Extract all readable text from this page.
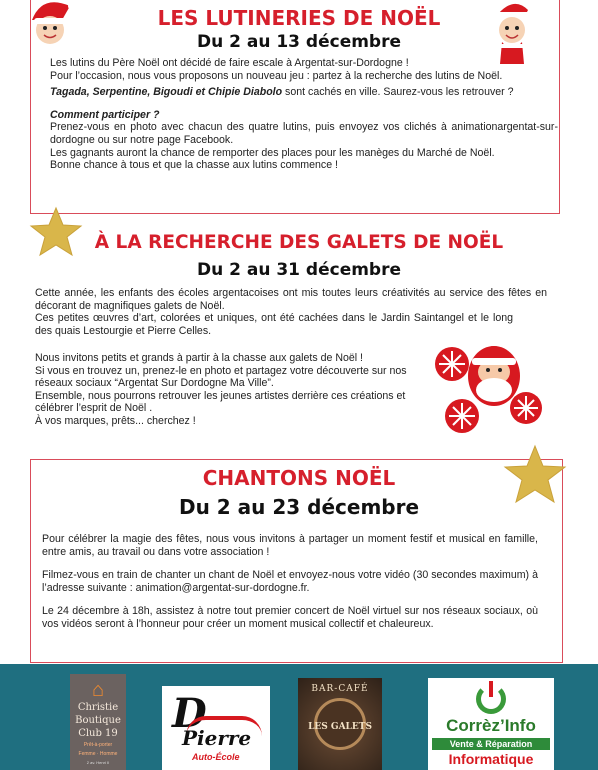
LES LUTINERIES DE NOËL
Du 2 au 13 décembre

Les lutins du Père Noël ont décidé de faire escale à Argentat-sur-Dordogne !

Pour l’occasion, nous vous proposons un nouveau jeu : partez à la recherche des lutins de Noël.

Tagada, Serpentine, Bigoudi et Chipie Diabolo sont cachés en ville. Saurez-vous les retrouver ?

Comment participer ?

Prenez-vous en photo avec chacun des quatre lutins, puis envoyez vos clichés à animationargentat-sur-dordogne ou sur notre page Facebook.

Les gagnants auront la chance de remporter des places pour les manèges du Marché de Noël.

Bonne chance à tous et que la chasse aux lutins commence !

À LA RECHERCHE DES GALETS DE NOËL
Du 2 au 31 décembre

Cette année, les enfants des écoles argentacoises ont mis toutes leurs créativités au service des fêtes en décorant de magnifiques galets de Noël.

Ces petites œuvres d’art, colorées et uniques, ont été cachées dans le Jardin Saintangel et le long des quais Lestourgie et Pierre Celles.

Nous invitons petits et grands à partir à la chasse aux galets de Noël !

Si vous en trouvez un, prenez-le en photo et partagez votre découverte sur nos réseaux sociaux “Argentat Sur Dordogne Ma Ville”.

Ensemble, nous pourrons retrouver les jeunes artistes derrière ces créations et célébrer l’esprit de Noël .

À vos marques, prêts... cherchez !

CHANTONS NOËL
Du 2 au 23 décembre

Pour célébrer la magie des fêtes, nous vous invitons à partager un moment festif et musical en famille, entre amis, au travail ou dans votre association !

Filmez-vous en train de chanter un chant de Noël et envoyez-nous votre vidéo (30 secondes maximum) à l’adresse suivante : animation@argentat-sur-dordogne.fr.

Le 24 décembre à 18h, assistez à notre tout premier concert de Noël virtuel sur nos réseaux sociaux, où vos vidéos seront à l’honneur pour créer un moment musical collectif et chaleureux.

⌂
Christie
Boutique
Club 19
Prêt-à-porter
Femme · Homme
2 av. Henri II
D
Pierre
Auto-École
BAR-CAFÉ
LES GALETS	Corrèz’Info
Vente & Réparation
Informatique
